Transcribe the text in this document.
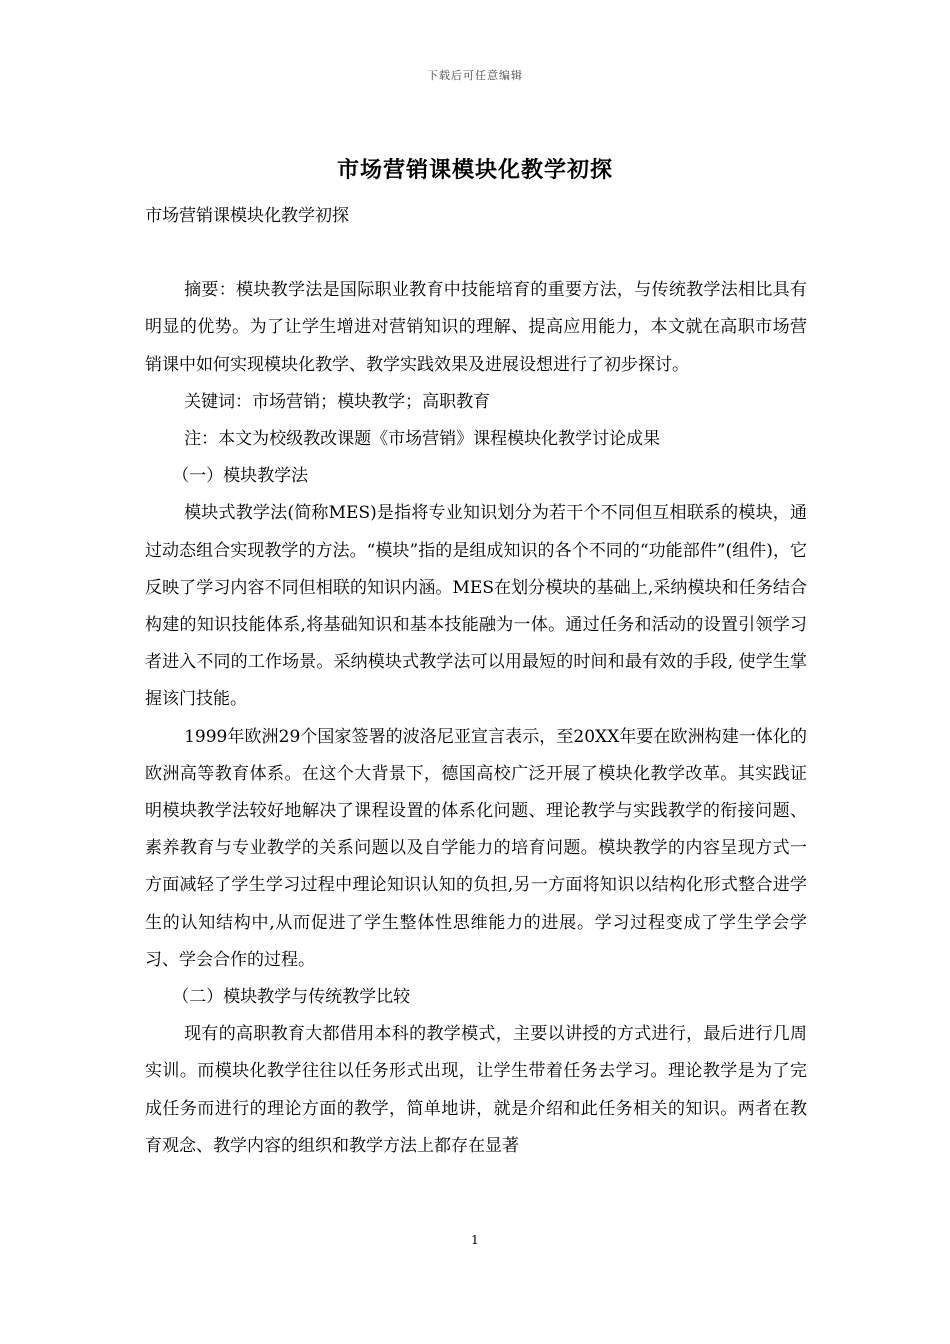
下载后可任意编辑
市场营销课模块化教学初探

市场营销课模块化教学初探

摘要：模块教学法是国际职业教育中技能培育的重要方法，与传统教学法相比具有明显的优势。为了让学生增进对营销知识的理解、提高应用能力，本文就在高职市场营销课中如何实现模块化教学、教学实践效果及进展设想进行了初步探讨。

关键词：市场营销；模块教学；高职教育

注：本文为校级教改课题《市场营销》课程模块化教学讨论成果

（一）模块教学法

模块式教学法(简称MES)是指将专业知识划分为若干个不同但互相联系的模块，通过动态组合实现教学的方法。“模块”指的是组成知识的各个不同的“功能部件”(组件)，它反映了学习内容不同但相联的知识内涵。MES在划分模块的基础上,采纳模块和任务结合构建的知识技能体系,将基础知识和基本技能融为一体。通过任务和活动的设置引领学习者进入不同的工作场景。采纳模块式教学法可以用最短的时间和最有效的手段, 使学生掌握该门技能。

1999年欧洲29个国家签署的波洛尼亚宣言表示，至20XX年要在欧洲构建一体化的欧洲高等教育体系。在这个大背景下，德国高校广泛开展了模块化教学改革。其实践证明模块教学法较好地解决了课程设置的体系化问题、理论教学与实践教学的衔接问题、素养教育与专业教学的关系问题以及自学能力的培育问题。模块教学的内容呈现方式一方面减轻了学生学习过程中理论知识认知的负担,另一方面将知识以结构化形式整合进学生的认知结构中,从而促进了学生整体性思维能力的进展。学习过程变成了学生学会学习、学会合作的过程。

（二）模块教学与传统教学比较

现有的高职教育大都借用本科的教学模式，主要以讲授的方式进行，最后进行几周实训。而模块化教学往往以任务形式出现，让学生带着任务去学习。理论教学是为了完成任务而进行的理论方面的教学，简单地讲，就是介绍和此任务相关的知识。两者在教育观念、教学内容的组织和教学方法上都存在显著

1
